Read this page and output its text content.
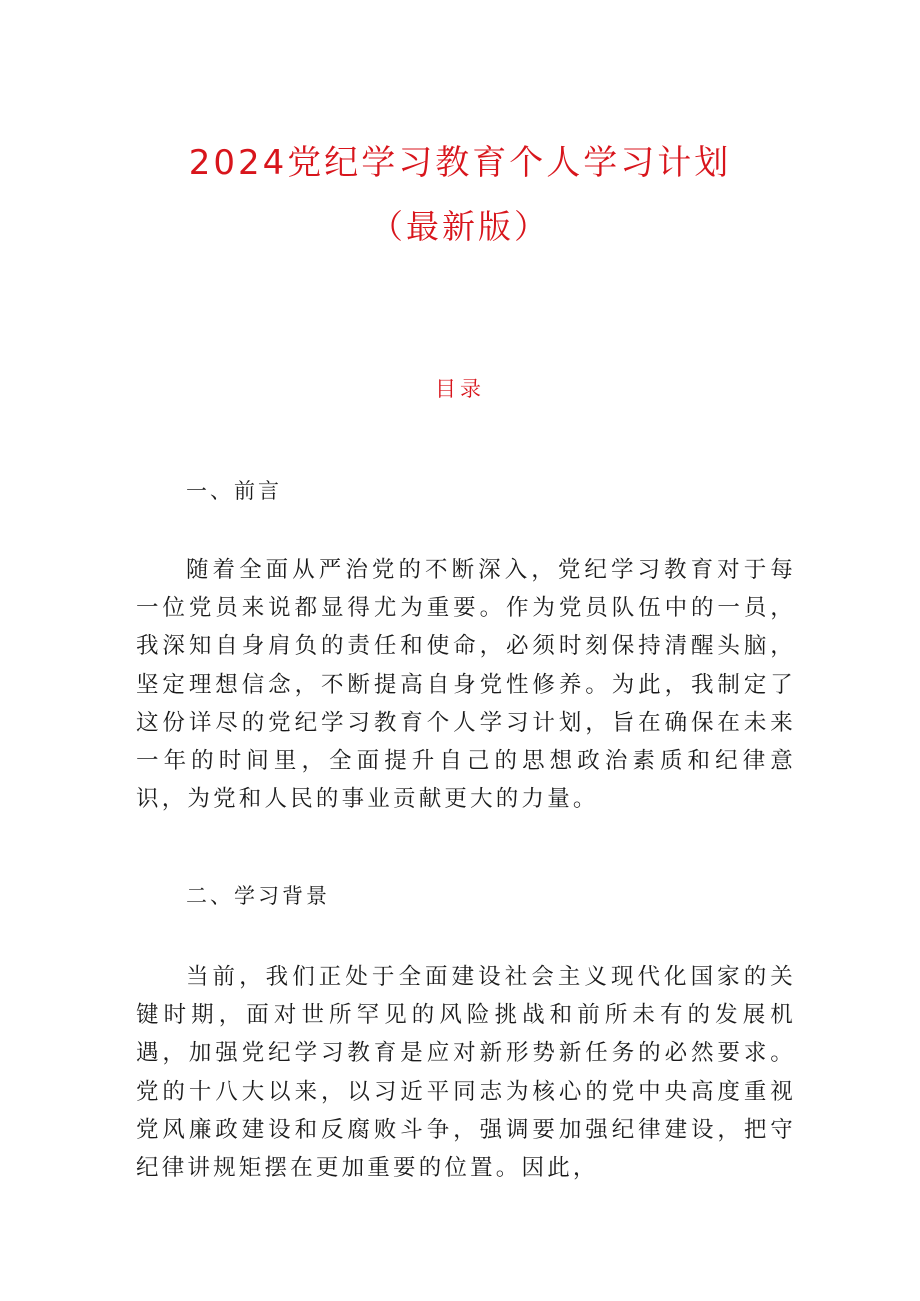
2024党纪学习教育个人学习计划
（最新版）
目录
一、前言

随着全面从严治党的不断深入，党纪学习教育对于每一位党员来说都显得尤为重要。作为党员队伍中的一员，我深知自身肩负的责任和使命，必须时刻保持清醒头脑，坚定理想信念，不断提高自身党性修养。为此，我制定了这份详尽的党纪学习教育个人学习计划，旨在确保在未来一年的时间里，全面提升自己的思想政治素质和纪律意识，为党和人民的事业贡献更大的力量。

二、学习背景

当前，我们正处于全面建设社会主义现代化国家的关键时期，面对世所罕见的风险挑战和前所未有的发展机遇，加强党纪学习教育是应对新形势新任务的必然要求。党的十八大以来，以习近平同志为核心的党中央高度重视党风廉政建设和反腐败斗争，强调要加强纪律建设，把守纪律讲规矩摆在更加重要的位置。因此，
